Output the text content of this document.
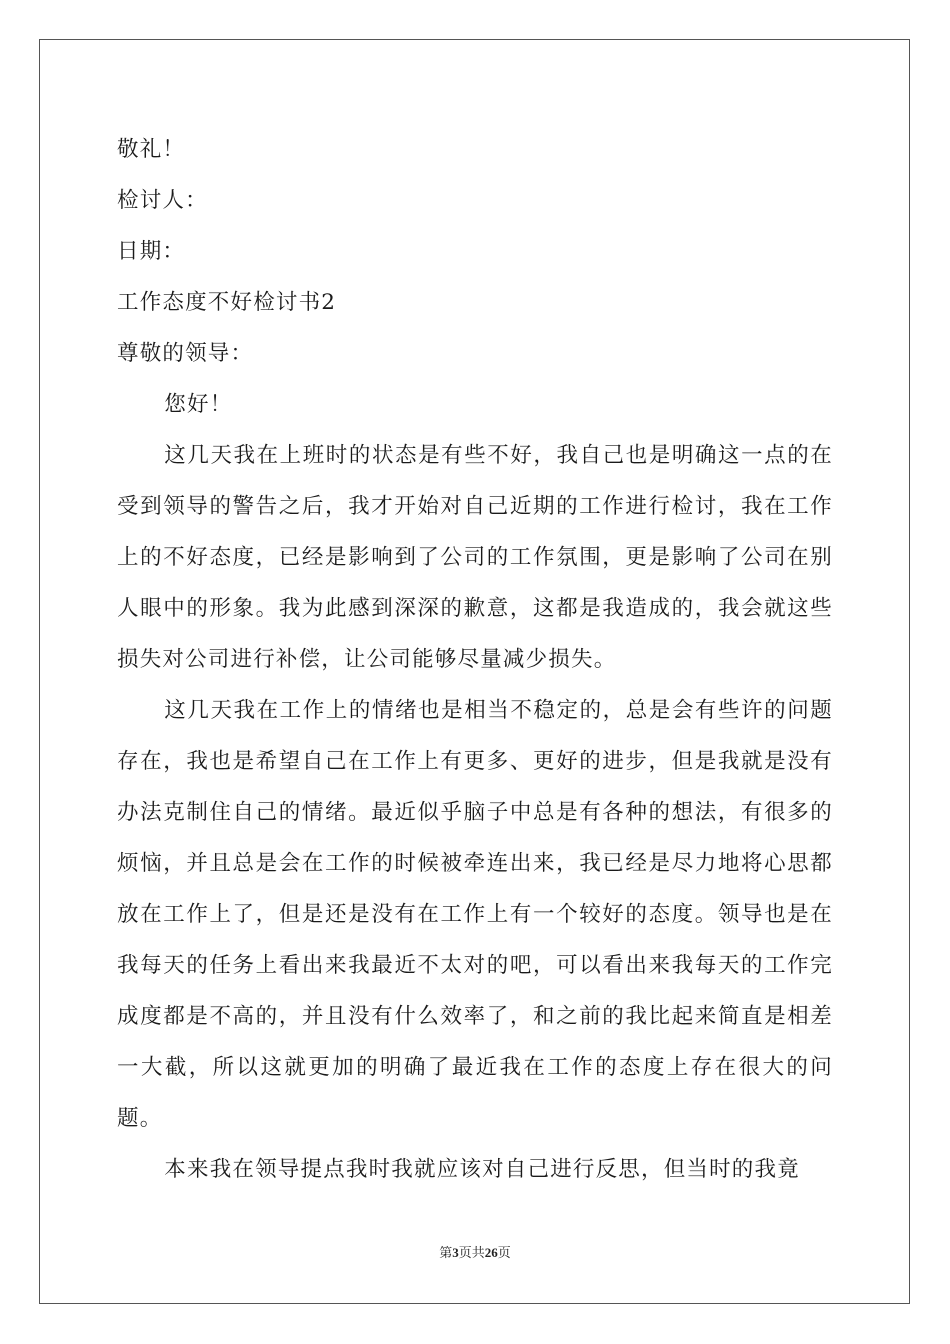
敬礼！
检讨人：
日期：
工作态度不好检讨书2
尊敬的领导：

您好！

这几天我在上班时的状态是有些不好，我自己也是明确这一点的在受到领导的警告之后，我才开始对自己近期的工作进行检讨，我在工作上的不好态度，已经是影响到了公司的工作氛围，更是影响了公司在别人眼中的形象。我为此感到深深的歉意，这都是我造成的，我会就这些损失对公司进行补偿，让公司能够尽量减少损失。

这几天我在工作上的情绪也是相当不稳定的，总是会有些许的问题存在，我也是希望自己在工作上有更多、更好的进步，但是我就是没有办法克制住自己的情绪。最近似乎脑子中总是有各种的想法，有很多的烦恼，并且总是会在工作的时候被牵连出来，我已经是尽力地将心思都放在工作上了，但是还是没有在工作上有一个较好的态度。领导也是在我每天的任务上看出来我最近不太对的吧，可以看出来我每天的工作完成度都是不高的，并且没有什么效率了，和之前的我比起来简直是相差一大截，所以这就更加的明确了最近我在工作的态度上存在很大的问题。

本来我在领导提点我时我就应该对自己进行反思，但当时的我竟

第3页共26页
